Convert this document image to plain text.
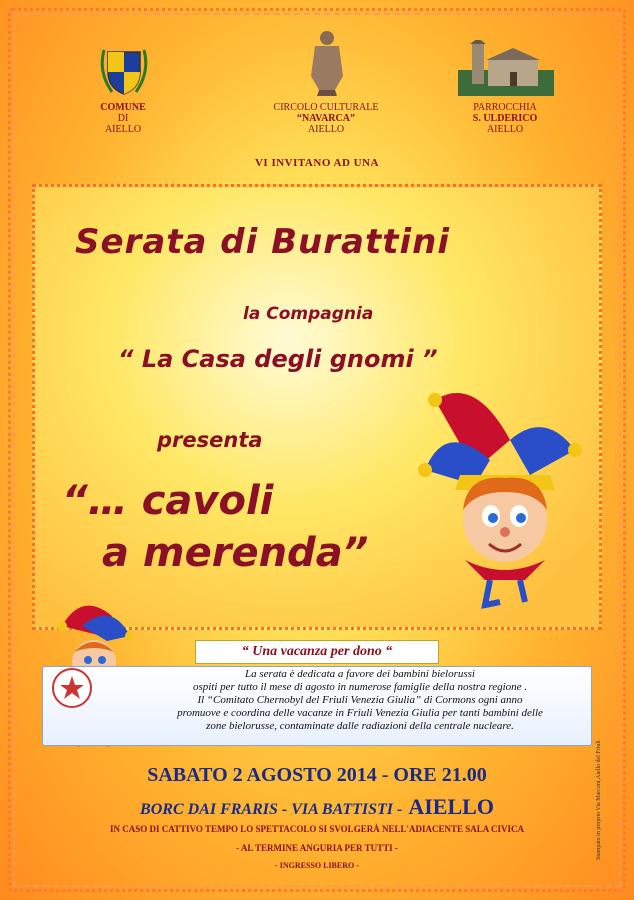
COMUNE
DI
AIELLO
CIRCOLO CULTURALE
“NAVARCA”
AIELLO
PARROCCHIA
S. ULDERICO
AIELLO
VI INVITANO AD UNA
Serata di Burattini
la Compagnia
“ La Casa degli gnomi ”
presenta
“… cavoli
a merenda”
“ Una vacanza per dono “
La serata è dedicata a favore dei bambini bielorussi
ospiti per tutto il mese di agosto in numerose famiglie della nostra regione .
Il “Comitato Chernobyl del Friuli Venezia Giulia” di Cormons ogni anno
promuove e coordina delle vacanze in Friuli Venezia Giulia per tanti bambini delle
zone bielorusse, contaminate dalle radiazioni della centrale nucleare.
SABATO 2 AGOSTO 2014 - ORE 21.00
BORC DAI FRARIS - VIA BATTISTI - AIELLO
IN CASO DI CATTIVO TEMPO LO SPETTACOLO SI SVOLGERÀ NELL'ADIACENTE SALA CIVICA
- AL TERMINE ANGURIA PER TUTTI -
- INGRESSO LIBERO -
Stampato in proprio Via Marconi,Aiello del Friuli
